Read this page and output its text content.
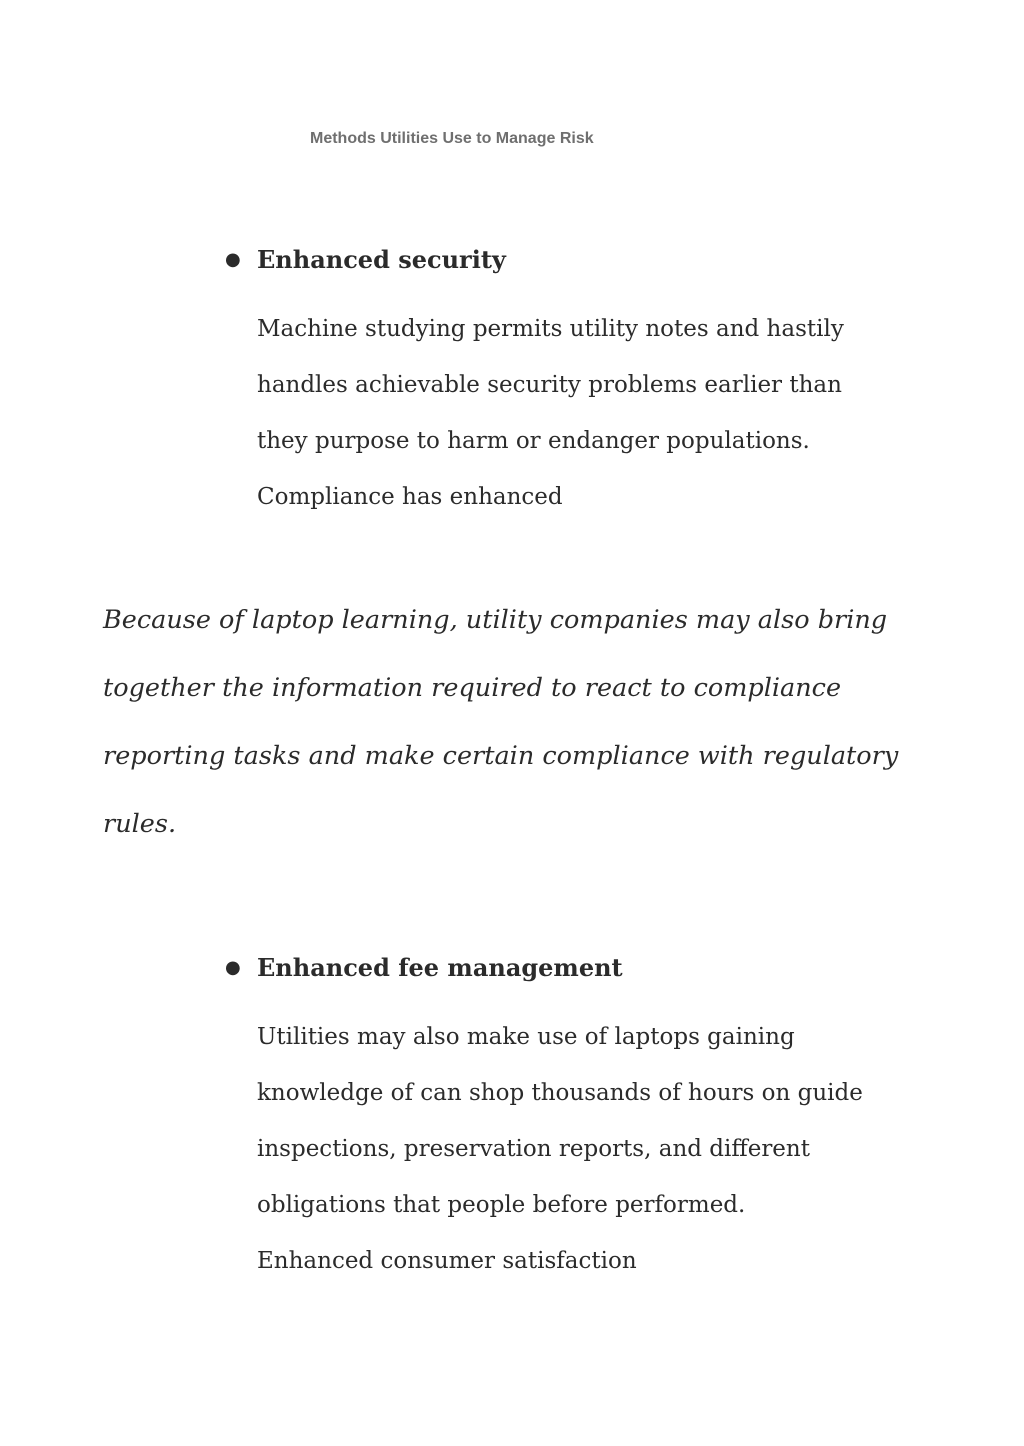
Methods Utilities Use to Manage Risk
● Enhanced security
Machine studying permits utility notes and hastily
handles achievable security problems earlier than
they purpose to harm or endanger populations.
Compliance has enhanced
Because of laptop learning, utility companies may also bring
together the information required to react to compliance
reporting tasks and make certain compliance with regulatory
rules.
● Enhanced fee management
Utilities may also make use of laptops gaining
knowledge of can shop thousands of hours on guide
inspections, preservation reports, and different
obligations that people before performed.
Enhanced consumer satisfaction
